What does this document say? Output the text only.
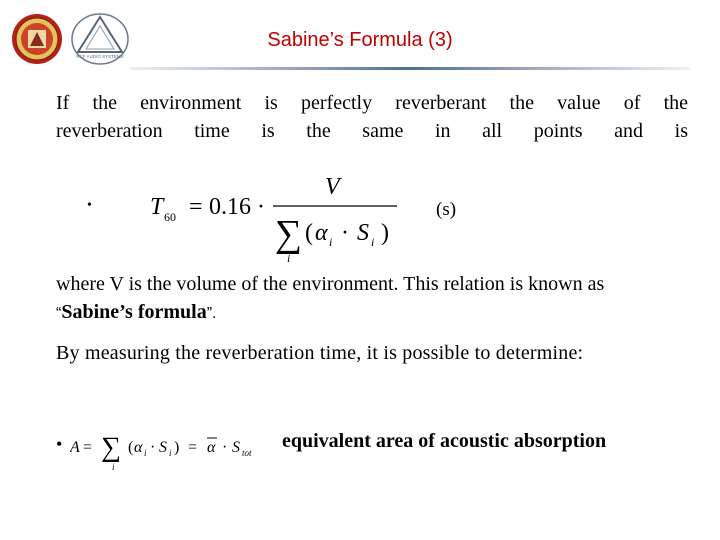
RCF AUDIO SYSTEMS
Sabine’s Formula (3)
If the environment is perfectly reverberant the value of the
reverberation time is the same in all points and is
• T 60 = 0.16 ·
V
∑
i
( α i · S i )
(s)
where V is the volume of the environment. This relation is known as
“Sabine’s formula”.
By measuring the reverberation time, it is possible to determine:
• A = ∑
i
( α i · S i ) = α · S tot
equivalent area of acoustic absorption
